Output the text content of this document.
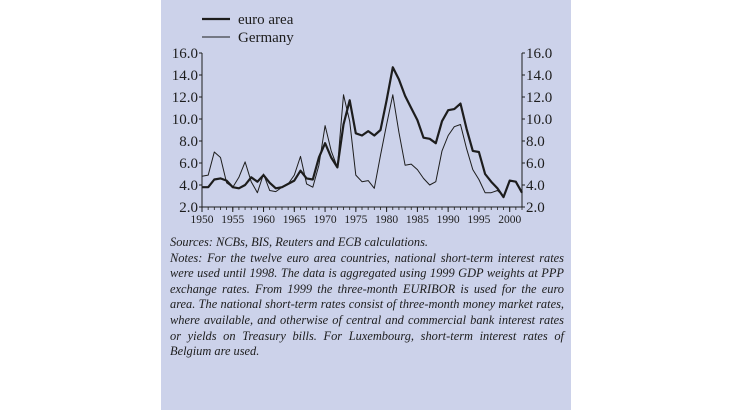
euro area
Germany
16.0	16.0
14.0	14.0
12.0	12.0
10.0	10.0
8.0	8.0
6.0	6.0
4.0	4.0
2.0	2.0
1950 1955 1960 1965 1970 1975 1980 1985 1990 1995 2000

Sources: NCBs, BIS, Reuters and ECB calculations.

Notes: For the twelve euro area countries, national short-term interest rates were used until 1998. The data is aggregated using 1999 GDP weights at PPP exchange rates. From 1999 the three-month EURIBOR is used for the euro area. The national short-term rates consist of three-month money market rates, where available, and otherwise of central and commercial bank interest rates or yields on Treasury bills. For Luxembourg, short-term interest rates of Belgium are used.
